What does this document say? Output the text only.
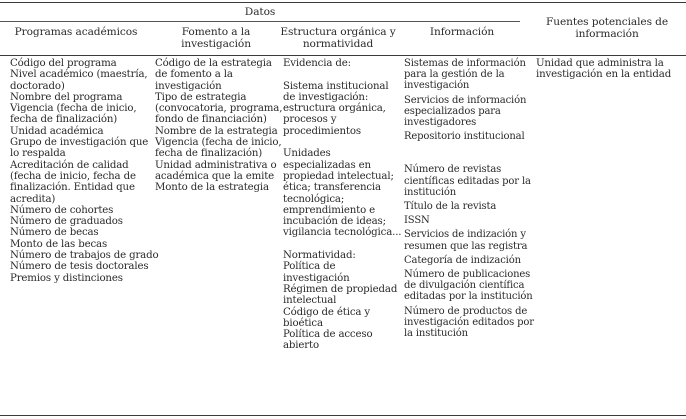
Datos
Programas académicos	Fomento a la
investigación
Estructura orgánica y
normatividad
Información
Fuentes potenciales de
información
Código del programa
Nivel académico (maestría,
doctorado)
Nombre del programa
Vigencia (fecha de inicio,
fecha de finalización)
Unidad académica
Grupo de investigación que
lo respalda
Acreditación de calidad
(fecha de inicio, fecha de
finalización. Entidad que
acredita)
Número de cohortes
Número de graduados
Número de becas
Monto de las becas
Número de trabajos de grado
Número de tesis doctorales
Premios y distinciones
Código de la estrategia
de fomento a la
investigación
Tipo de estrategia
(convocatoria, programa,
fondo de financiación)
Nombre de la estrategia
Vigencia (fecha de inicio,
fecha de finalización)
Unidad administrativa o
académica que la emite
Monto de la estrategia
Evidencia de:
Sistema institucional
de investigación:
estructura orgánica,
procesos y
procedimientos
Unidades
especializadas en
propiedad intelectual;
ética; transferencia
tecnológica;
emprendimiento e
incubación de ideas;
vigilancia tecnológica...
Normatividad:
Política de
investigación
Régimen de propiedad
intelectual
Código de ética y
bioética
Política de acceso
abierto
Sistemas de información
para la gestión de la
investigación
Servicios de información
especializados para
investigadores
Repositorio institucional
Número de revistas
científicas editadas por la
institución
Título de la revista
ISSN
Servicios de indización y
resumen que las registra
Categoría de indización
Número de publicaciones
de divulgación científica
editadas por la institución
Número de productos de
investigación editados por
la institución
Unidad que administra la
investigación en la entidad
